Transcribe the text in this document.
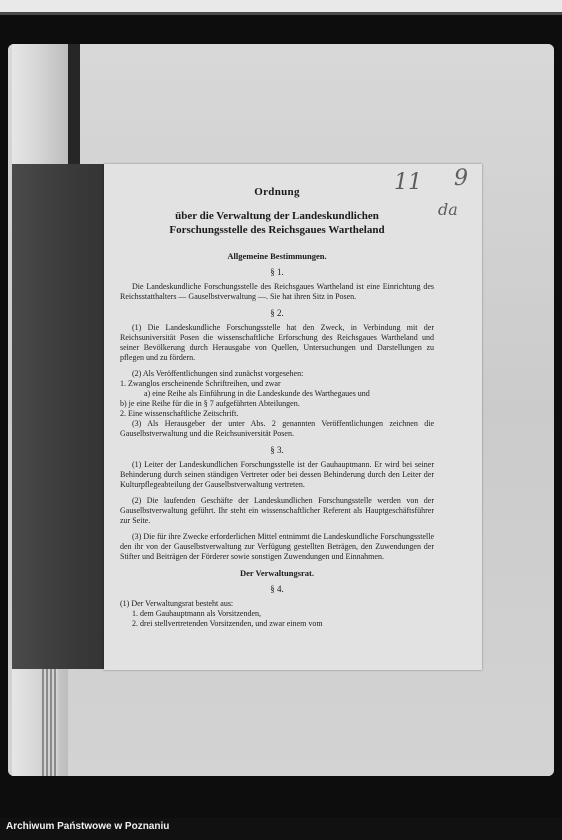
11 9
da
Ordnung
über die Verwaltung der Landeskundlichen
Forschungsstelle des Reichsgaues Wartheland
Allgemeine Bestimmungen.
§ 1.

Die Landeskundliche Forschungsstelle des Reichsgaues Wartheland ist eine Einrichtung des Reichsstatthalters — Gauselbstverwaltung —. Sie hat ihren Sitz in Posen.

§ 2.

(1) Die Landeskundliche Forschungsstelle hat den Zweck, in Verbindung mit der Reichsuniversität Posen die wissenschaftliche Erforschung des Reichsgaues Wartheland und seiner Bevölkerung durch Herausgabe von Quellen, Untersuchungen und Darstellungen zu pflegen und zu fördern.

(2) Als Veröffentlichungen sind zunächst vorgesehen:
1. Zwanglos erscheinende Schriftreihen, und zwar
a) eine Reihe als Einführung in die Landeskunde des Warthegaues und
b) je eine Reihe für die in § 7 aufgeführten Abteilungen.
2. Eine wissenschaftliche Zeitschrift.

(3) Als Herausgeber der unter Abs. 2 genannten Veröffentlichungen zeichnen die Gauselbstverwaltung und die Reichsuniversität Posen.

§ 3.

(1) Leiter der Landeskundlichen Forschungsstelle ist der Gauhauptmann. Er wird bei seiner Behinderung durch seinen ständigen Vertreter oder bei dessen Behinderung durch den Leiter der Kulturpflegeabteilung der Gauselbstverwaltung vertreten.

(2) Die laufenden Geschäfte der Landeskundlichen Forschungsstelle werden von der Gauselbstverwaltung geführt. Ihr steht ein wissenschaftlicher Referent als Hauptgeschäftsführer zur Seite.

(3) Die für ihre Zwecke erforderlichen Mittel entnimmt die Landeskundliche Forschungsstelle den ihr von der Gauselbstverwaltung zur Verfügung gestellten Beträgen, den Zuwendungen der Stifter und Beiträgen der Förderer sowie sonstigen Zuwendungen und Einnahmen.

Der Verwaltungsrat.
§ 4.
(1) Der Verwaltungsrat besteht aus:
1. dem Gauhauptmann als Vorsitzenden,
2. drei stellvertretenden Vorsitzenden, und zwar einem vom
Archiwum Państwowe w Poznaniu
